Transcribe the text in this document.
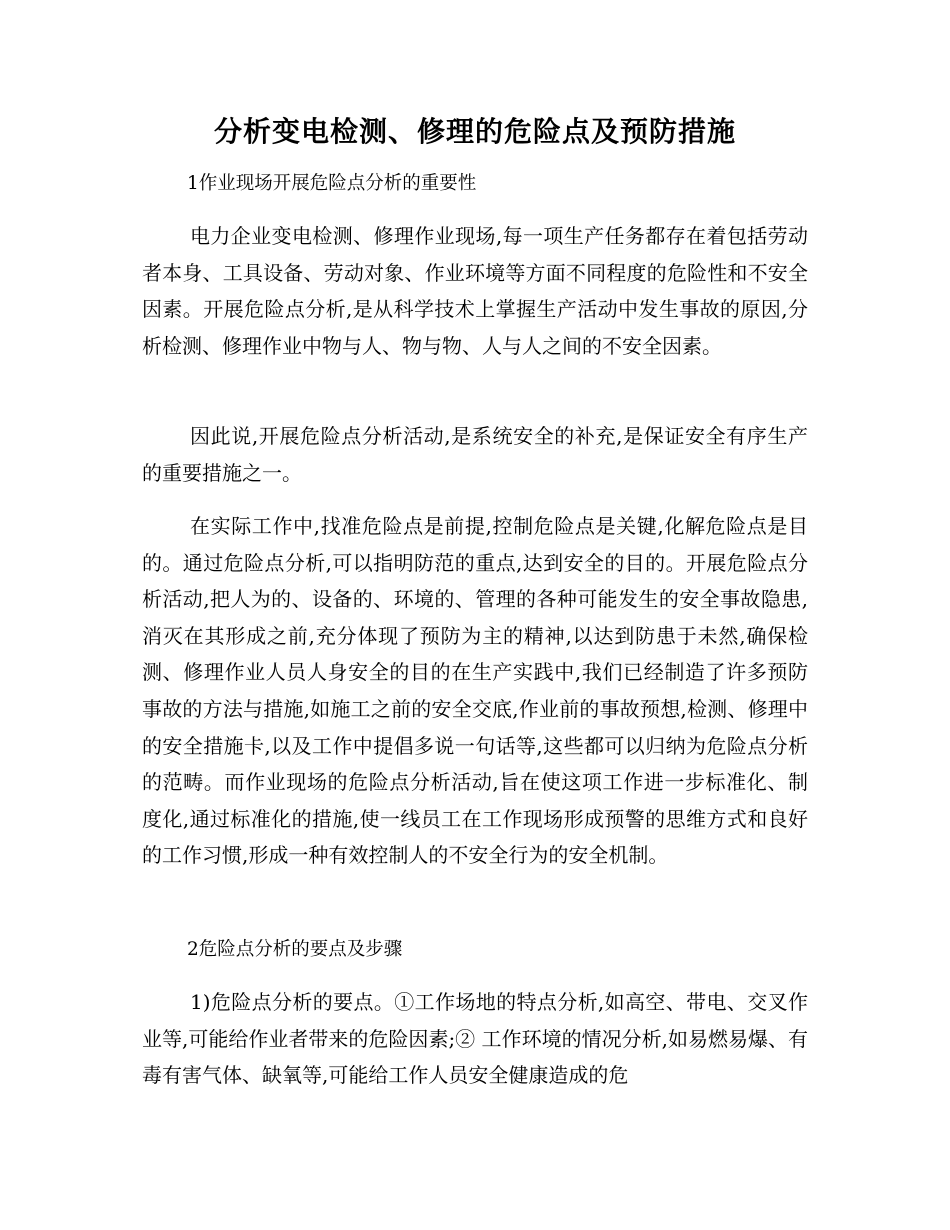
分析变电检测、修理的危险点及预防措施

1作业现场开展危险点分析的重要性

电力企业变电检测、修理作业现场,每一项生产任务都存在着包括劳动者本身、工具设备、劳动对象、作业环境等方面不同程度的危险性和不安全因素。开展危险点分析,是从科学技术上掌握生产活动中发生事故的原因,分析检测、修理作业中物与人、物与物、人与人之间的不安全因素。

因此说,开展危险点分析活动,是系统安全的补充,是保证安全有序生产的重要措施之一。

在实际工作中,找准危险点是前提,控制危险点是关键,化解危险点是目的。通过危险点分析,可以指明防范的重点,达到安全的目的。开展危险点分析活动,把人为的、设备的、环境的、管理的各种可能发生的安全事故隐患,消灭在其形成之前,充分体现了预防为主的精神,以达到防患于未然,确保检测、修理作业人员人身安全的目的在生产实践中,我们已经制造了许多预防事故的方法与措施,如施工之前的安全交底,作业前的事故预想,检测、修理中的安全措施卡,以及工作中提倡多说一句话等,这些都可以归纳为危险点分析的范畴。而作业现场的危险点分析活动,旨在使这项工作进一步标准化、制度化,通过标准化的措施,使一线员工在工作现场形成预警的思维方式和良好的工作习惯,形成一种有效控制人的不安全行为的安全机制。

2危险点分析的要点及步骤

1)危险点分析的要点。①工作场地的特点分析,如高空、带电、交叉作业等,可能给作业者带来的危险因素;② 工作环境的情况分析,如易燃易爆、有毒有害气体、缺氧等,可能给工作人员安全健康造成的危
